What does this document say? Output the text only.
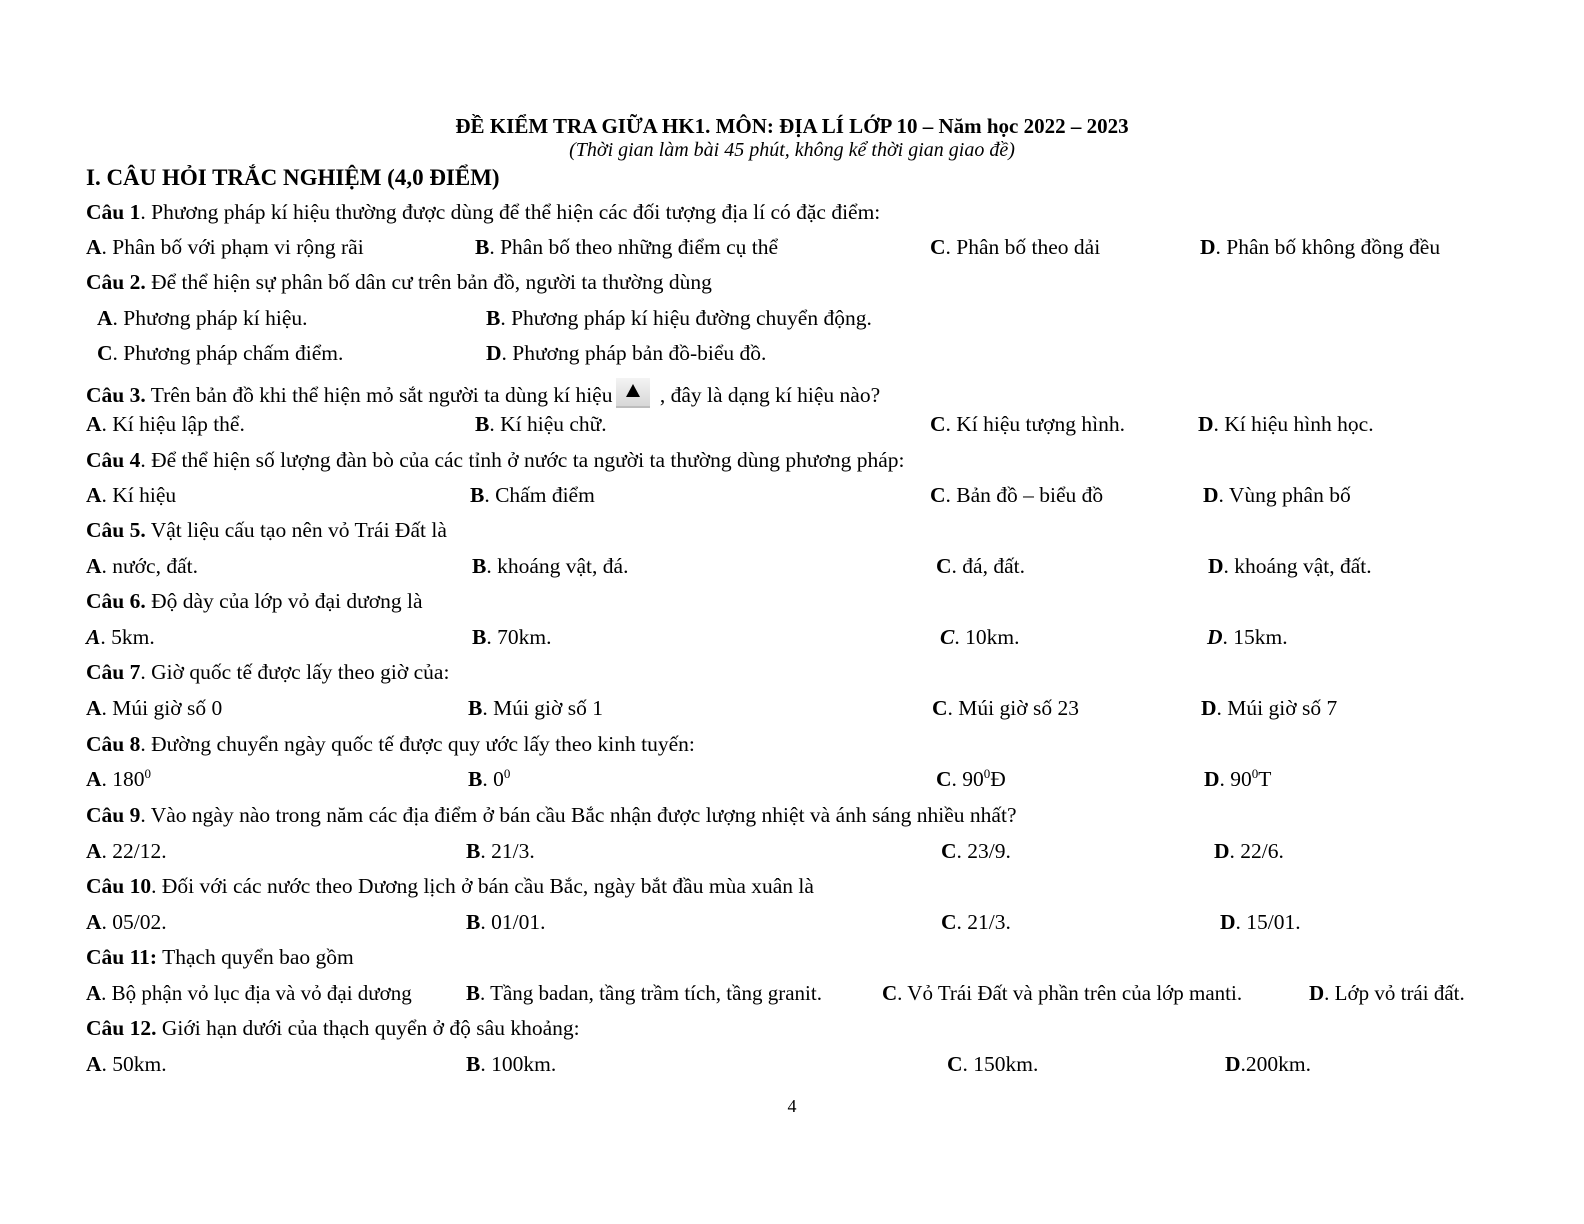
ĐỀ KIỂM TRA GIỮA HK1. MÔN: ĐỊA LÍ LỚP 10 – Năm học 2022 – 2023
(Thời gian làm bài 45 phút, không kể thời gian giao đề)
I. CÂU HỎI TRẮC NGHIỆM (4,0 ĐIỂM)
Câu 1. Phương pháp kí hiệu thường được dùng để thể hiện các đối tượng địa lí có đặc điểm:
A. Phân bố với phạm vi rộng rãi	B. Phân bố theo những điểm cụ thể	C. Phân bố theo dải	D. Phân bố không đồng đều
Câu 2. Để thể hiện sự phân bố dân cư trên bản đồ, người ta thường dùng
A. Phương pháp kí hiệu.	B. Phương pháp kí hiệu đường chuyển động.
C. Phương pháp chấm điểm.	D. Phương pháp bản đồ-biểu đồ.
Câu 3. Trên bản đồ khi thể hiện mỏ sắt người ta dùng kí hiệu , đây là dạng kí hiệu nào?
A. Kí hiệu lập thể.	B. Kí hiệu chữ.	C. Kí hiệu tượng hình.	D. Kí hiệu hình học.
Câu 4. Để thể hiện số lượng đàn bò của các tỉnh ở nước ta người ta thường dùng phương pháp:
A. Kí hiệu	B. Chấm điểm	C. Bản đồ – biểu đồ	D. Vùng phân bố
Câu 5. Vật liệu cấu tạo nên vỏ Trái Đất là
A. nước, đất.	B. khoáng vật, đá.	C. đá, đất.	D. khoáng vật, đất.
Câu 6. Độ dày của lớp vỏ đại dương là
A. 5km.	B. 70km.	C. 10km.	D. 15km.
Câu 7. Giờ quốc tế được lấy theo giờ của:
A. Múi giờ số 0	B. Múi giờ số 1	C. Múi giờ số 23	D. Múi giờ số 7
Câu 8. Đường chuyển ngày quốc tế được quy ước lấy theo kinh tuyến:
A. $180^0$	B. $0^0$	C. $90^0Đ$	D. $90^0T$
Câu 9. Vào ngày nào trong năm các địa điểm ở bán cầu Bắc nhận được lượng nhiệt và ánh sáng nhiều nhất?
A. 22/12.	B. 21/3.	C. 23/9.	D. 22/6.
Câu 10. Đối với các nước theo Dương lịch ở bán cầu Bắc, ngày bắt đầu mùa xuân là
A. 05/02.	B. 01/01.	C. 21/3.	D. 15/01.
Câu 11: Thạch quyển bao gồm
A. Bộ phận vỏ lục địa và vỏ đại dương	B. Tầng badan, tầng trầm tích, tầng granit.	C. Vỏ Trái Đất và phần trên của lớp manti.	D. Lớp vỏ trái đất.
Câu 12. Giới hạn dưới của thạch quyển ở độ sâu khoảng:
A. 50km.	B. 100km.	C. 150km.	D.200km.
4
